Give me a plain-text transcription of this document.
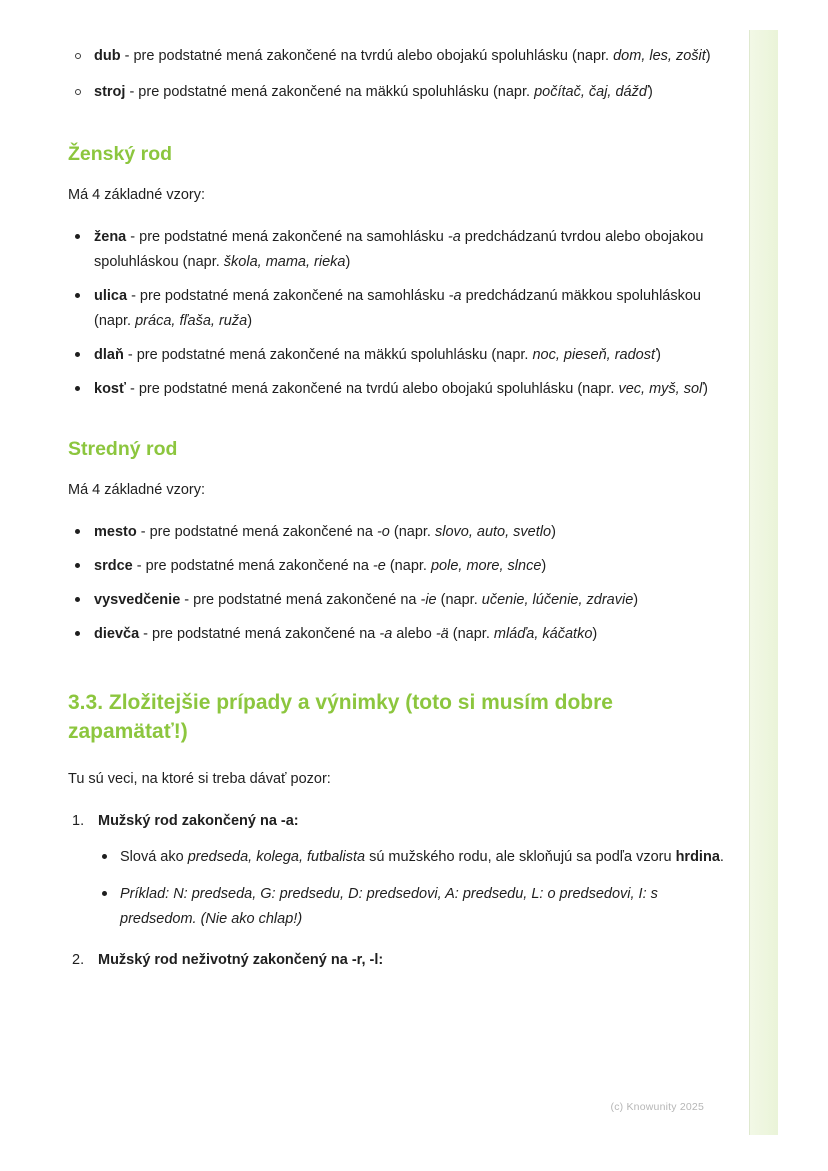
dub - pre podstatné mená zakončené na tvrdú alebo obojakú spoluhlásku (napr. dom, les, zošit)
stroj - pre podstatné mená zakončené na mäkkú spoluhlásku (napr. počítač, čaj, dážď)
Ženský rod

Má 4 základné vzory:

žena - pre podstatné mená zakončené na samohlásku -a predchádzanú tvrdou alebo obojakou spoluhláskou (napr. škola, mama, rieka)
ulica - pre podstatné mená zakončené na samohlásku -a predchádzanú mäkkou spoluhláskou (napr. práca, fľaša, ruža)
dlaň - pre podstatné mená zakončené na mäkkú spoluhlásku (napr. noc, pieseň, radosť)
kosť - pre podstatné mená zakončené na tvrdú alebo obojakú spoluhlásku (napr. vec, myš, soľ)
Stredný rod

Má 4 základné vzory:

mesto - pre podstatné mená zakončené na -o (napr. slovo, auto, svetlo)
srdce - pre podstatné mená zakončené na -e (napr. pole, more, slnce)
vysvedčenie - pre podstatné mená zakončené na -ie (napr. učenie, lúčenie, zdravie)
dievča - pre podstatné mená zakončené na -a alebo -ä (napr. mláďa, káčatko)
3.3. Zložitejšie prípady a výnimky (toto si musím dobre zapamätať!)

Tu sú veci, na ktoré si treba dávať pozor:

1. Mužský rod zakončený na -a:
Slová ako predseda, kolega, futbalista sú mužského rodu, ale skloňujú sa podľa vzoru hrdina.
Príklad: N: predseda, G: predsedu, D: predsedovi, A: predsedu, L: o predsedovi, I: s predsedom. (Nie ako chlap!)
2. Mužský rod neživotný zakončený na -r, -l:
(c) Knowunity 2025
